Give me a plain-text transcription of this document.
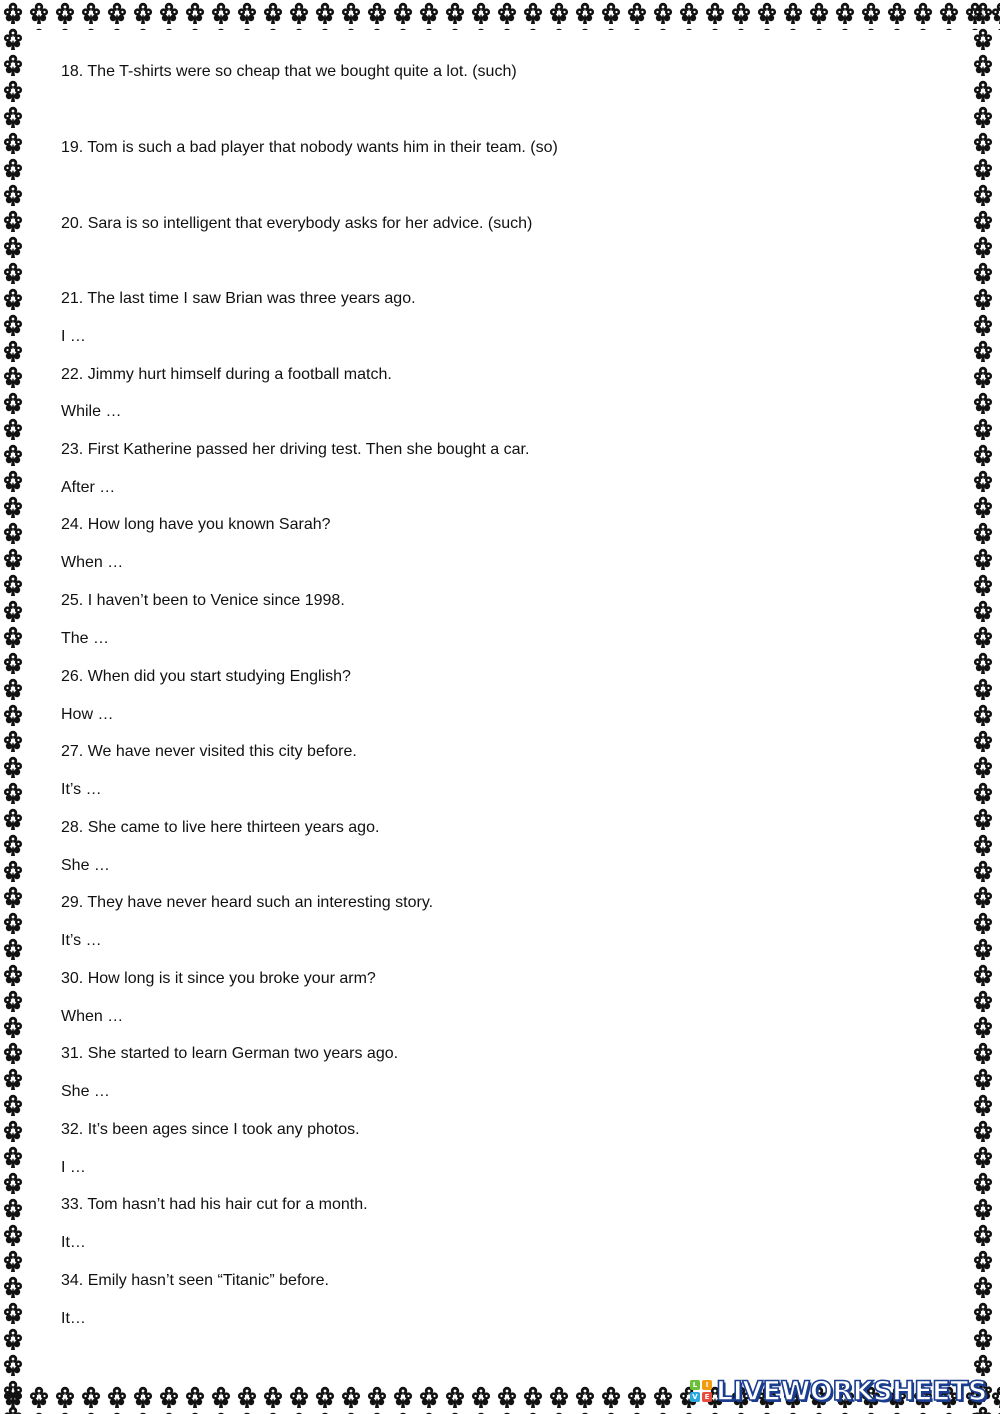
18. The T-shirts were so cheap that we bought quite a lot. (such)
19. Tom is such a bad player that nobody wants him in their team. (so)
20. Sara is so intelligent that everybody asks for her advice. (such)
21. The last time I saw Brian was three years ago.
I …
22. Jimmy hurt himself during a football match.
While …
23. First Katherine passed her driving test. Then she bought a car.
After …
24. How long have you known Sarah?
When …
25. I haven’t been to Venice since 1998.
The …
26. When did you start studying English?
How …
27. We have never visited this city before.
It’s …
28. She came to live here thirteen years ago.
She …
29. They have never heard such an interesting story.
It’s …
30. How long is it since you broke your arm?
When …
31. She started to learn German two years ago.
She …
32. It’s been ages since I took any photos.
I …
33. Tom hasn’t had his hair cut for a month.
It…
34. Emily hasn’t seen “Titanic” before.
It…
L	I
V E LIVEWORKSHEETS
